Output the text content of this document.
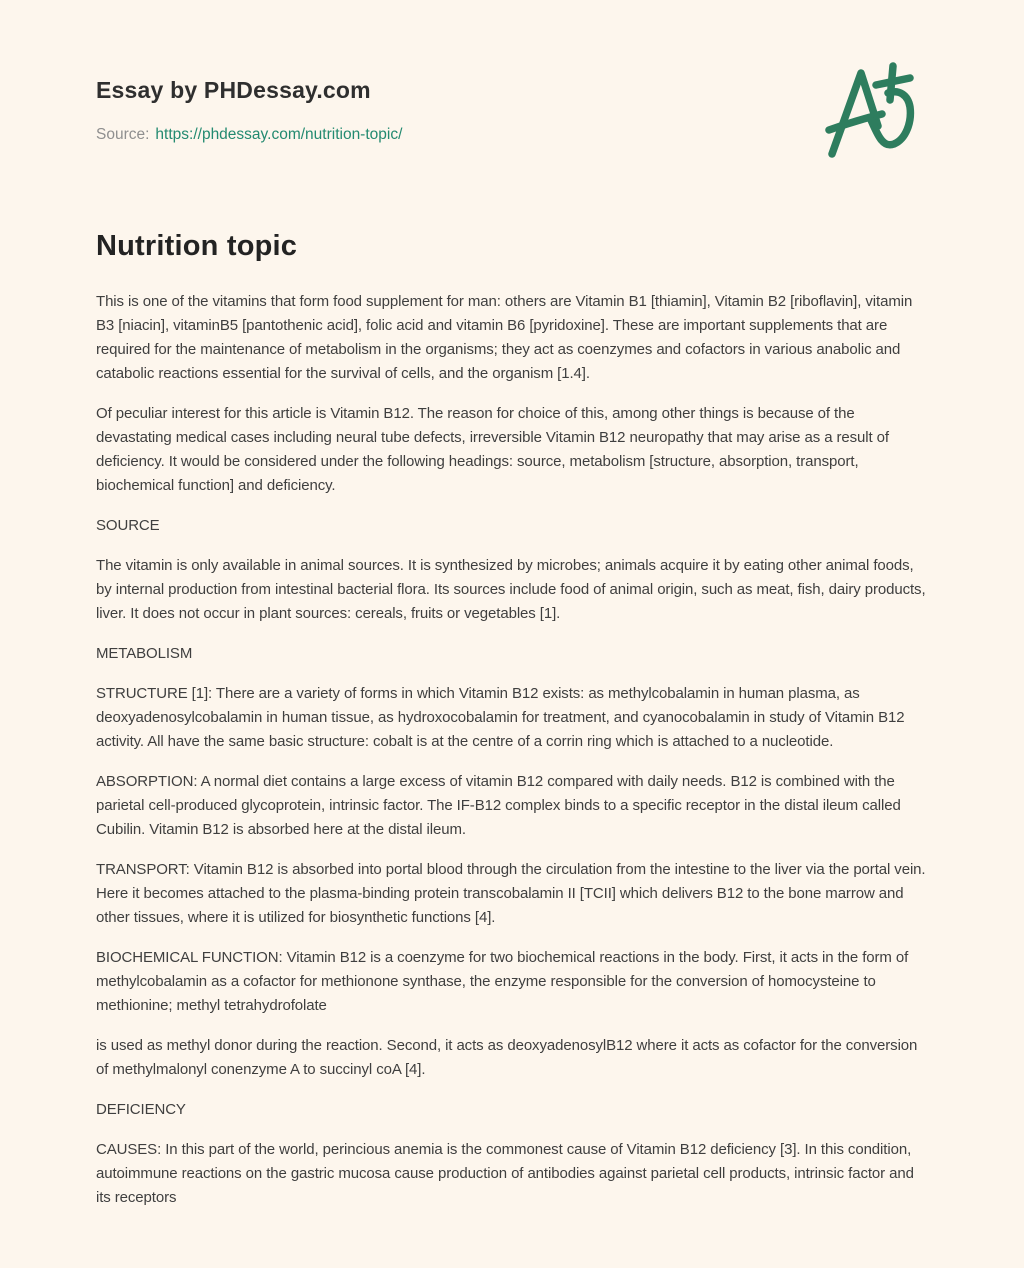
Essay by PHDessay.com
Source: https://phdessay.com/nutrition-topic/
Nutrition topic

This is one of the vitamins that form food supplement for man: others are Vitamin B1 [thiamin], Vitamin B2 [riboflavin], vitamin B3 [niacin], vitaminB5 [pantothenic acid], folic acid and vitamin B6 [pyridoxine]. These are important supplements that are required for the maintenance of metabolism in the organisms; they act as coenzymes and cofactors in various anabolic and catabolic reactions essential for the survival of cells, and the organism [1.4].

Of peculiar interest for this article is Vitamin B12. The reason for choice of this, among other things is because of the devastating medical cases including neural tube defects, irreversible Vitamin B12 neuropathy that may arise as a result of deficiency. It would be considered under the following headings: source, metabolism [structure, absorption, transport, biochemical function] and deficiency.

SOURCE

The vitamin is only available in animal sources. It is synthesized by microbes; animals acquire it by eating other animal foods, by internal production from intestinal bacterial flora. Its sources include food of animal origin, such as meat, fish, dairy products, liver. It does not occur in plant sources: cereals, fruits or vegetables [1].

METABOLISM

STRUCTURE [1]: There are a variety of forms in which Vitamin B12 exists: as methylcobalamin in human plasma, as deoxyadenosylcobalamin in human tissue, as hydroxocobalamin for treatment, and cyanocobalamin in study of Vitamin B12 activity. All have the same basic structure: cobalt is at the centre of a corrin ring which is attached to a nucleotide.

ABSORPTION: A normal diet contains a large excess of vitamin B12 compared with daily needs. B12 is combined with the parietal cell-produced glycoprotein, intrinsic factor. The IF-B12 complex binds to a specific receptor in the distal ileum called Cubilin. Vitamin B12 is absorbed here at the distal ileum.

TRANSPORT: Vitamin B12 is absorbed into portal blood through the circulation from the intestine to the liver via the portal vein. Here it becomes attached to the plasma-binding protein transcobalamin II [TCII] which delivers B12 to the bone marrow and other tissues, where it is utilized for biosynthetic functions [4].

BIOCHEMICAL FUNCTION: Vitamin B12 is a coenzyme for two biochemical reactions in the body. First, it acts in the form of methylcobalamin as a cofactor for methionone synthase, the enzyme responsible for the conversion of homocysteine to methionine; methyl tetrahydrofolate

is used as methyl donor during the reaction. Second, it acts as deoxyadenosylB12 where it acts as cofactor for the conversion of methylmalonyl conenzyme A to succinyl coA [4].

DEFICIENCY

CAUSES: In this part of the world, perincious anemia is the commonest cause of Vitamin B12 deficiency [3]. In this condition, autoimmune reactions on the gastric mucosa cause production of antibodies against parietal cell products, intrinsic factor and its receptors
